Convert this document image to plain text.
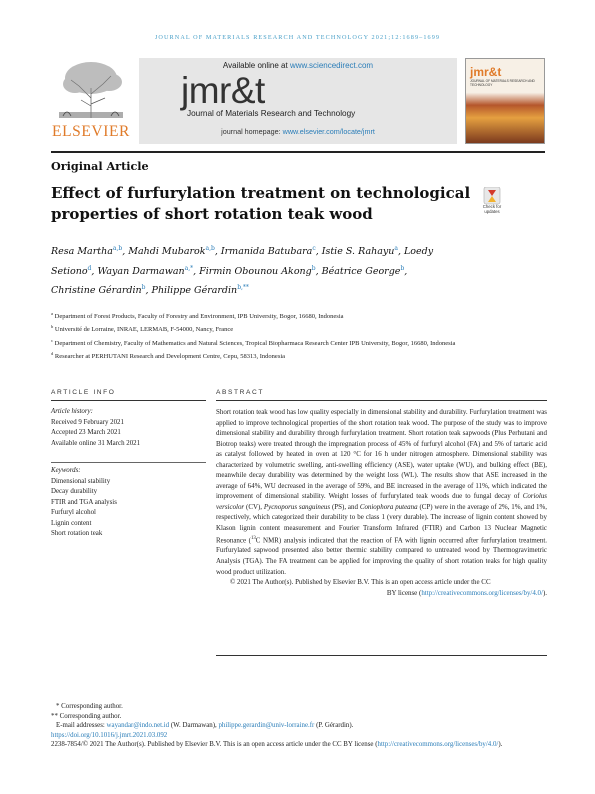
JOURNAL OF MATERIALS RESEARCH AND TECHNOLOGY 2021;12:1689–1699
ELSEVIER
Available online at www.sciencedirect.com
jmr&t
Journal of Materials Research and Technology
journal homepage: www.elsevier.com/locate/jmrt
jmr&t
JOURNAL OF MATERIALS RESEARCH AND TECHNOLOGY
Original Article
Effect of furfurylation treatment on technological properties of short rotation teak wood	Check for updates
Resa Martha$^{a,b}$, Mahdi Mubarok$^{a,b}$, Irmanida Batubara$^c$, Istie S. Rahayu$^a$, Loedy Setiono$^d$, Wayan Darmawan$^{a,*}$, Firmin Obounou Akong$^b$, Béatrice George$^b$, Christine Gérardin$^b$, Philippe Gérardin$^{b,**}$
$^a$ Department of Forest Products, Faculty of Forestry and Environment, IPB University, Bogor, 16680, Indonesia
$^b$ Université de Lorraine, INRAE, LERMAB, F-54000, Nancy, France
$^c$ Department of Chemistry, Faculty of Mathematics and Natural Sciences, Tropical Biopharmaca Research Center IPB University, Bogor, 16680, Indonesia
$^d$ Researcher at PERHUTANI Research and Development Centre, Cepu, 58313, Indonesia
ARTICLE INFO	ABSTRACT
Article history:
Received 9 February 2021
Accepted 23 March 2021
Available online 31 March 2021
Keywords:
Dimensional stability
Decay durability
FTIR and TGA analysis
Furfuryl alcohol
Lignin content
Short rotation teak

Short rotation teak wood has low quality especially in dimensional stability and durability. Furfurylation treatment was applied to improve technological properties of the short rotation teak wood. The purpose of the study was to improve dimensional stability and durability through furfurylation treatment. Short rotation teak sapwoods (Plus Perhutani and Biotrop teaks) were treated through the impregnation process of 45% of furfuryl alcohol (FA) and 5% of tartaric acid as catalyst followed by heated in oven at 120 °C for 16 h under nitrogen atmosphere. Dimensional stability was characterized by volumetric swelling, anti-swelling efficiency (ASE), water uptake (WU), and bulking effect (BE), meanwhile decay durability was determined by the weight loss (WL). The results show that ASE increased in the average of 64%, WU decreased in the average of 59%, and BE increased in the average of 11%, which indicated the improvement of dimensional stability. Weight losses of furfurylated teak woods due to fungal decay of Coriolus versicolor (CV), Pycnoporus sanguineus (PS), and Coniophora puteana (CP) were in the average of 2%, 1%, and 1%, respectively, which categorized their durability to be class 1 (very durable). The increase of lignin content showed by Klason lignin content measurement and Fourier Transform Infrared (FTIR) and Carbon 13 Nuclear Magnetic Resonance ($^{13}$C NMR) analysis indicated that the reaction of FA with lignin occurred after furfurylation treatment. Furfurylated sapwood presented also better thermic stability compared to untreated wood by Thermogravimetric Analysis (TGA). The FA treatment can be applied for improving the quality of short rotation teaks for high quality wood product utilization.

© 2021 The Author(s). Published by Elsevier B.V. This is an open access article under the CC

BY license (http://creativecommons.org/licenses/by/4.0/).

* Corresponding author.
** Corresponding author.
E-mail addresses: wayandar@indo.net.id (W. Darmawan), philippe.gerardin@univ-lorraine.fr (P. Gérardin).
https://doi.org/10.1016/j.jmrt.2021.03.092
2238-7854/© 2021 The Author(s). Published by Elsevier B.V. This is an open access article under the CC BY license (http://creativecommons.org/licenses/by/4.0/).
